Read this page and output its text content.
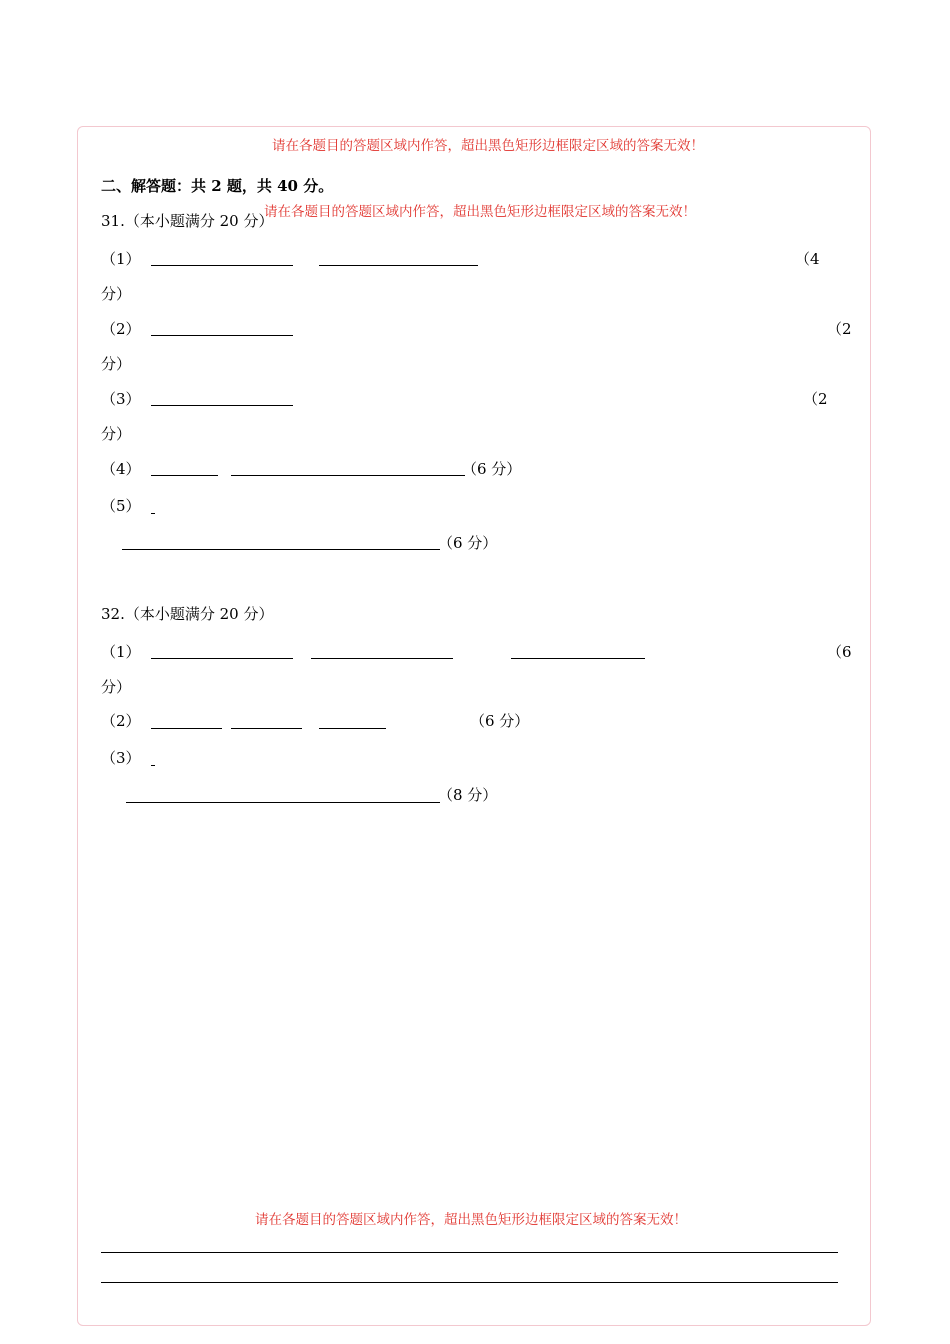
请在各题目的答题区域内作答，超出黑色矩形边框限定区域的答案无效！
二、解答题：共 2 题，共 40 分。
请在各题目的答题区域内作答，超出黑色矩形边框限定区域的答案无效！
31.（本小题满分 20 分）
（1）	（4
分）
（2）	（2
分）
（3）	（2
分）
（4）	（6 分）
（5）
（6 分）
32.（本小题满分 20 分）
（1）	（6
分）
（2）	（6 分）
（3）
（8 分）
请在各题目的答题区域内作答，超出黑色矩形边框限定区域的答案无效！
